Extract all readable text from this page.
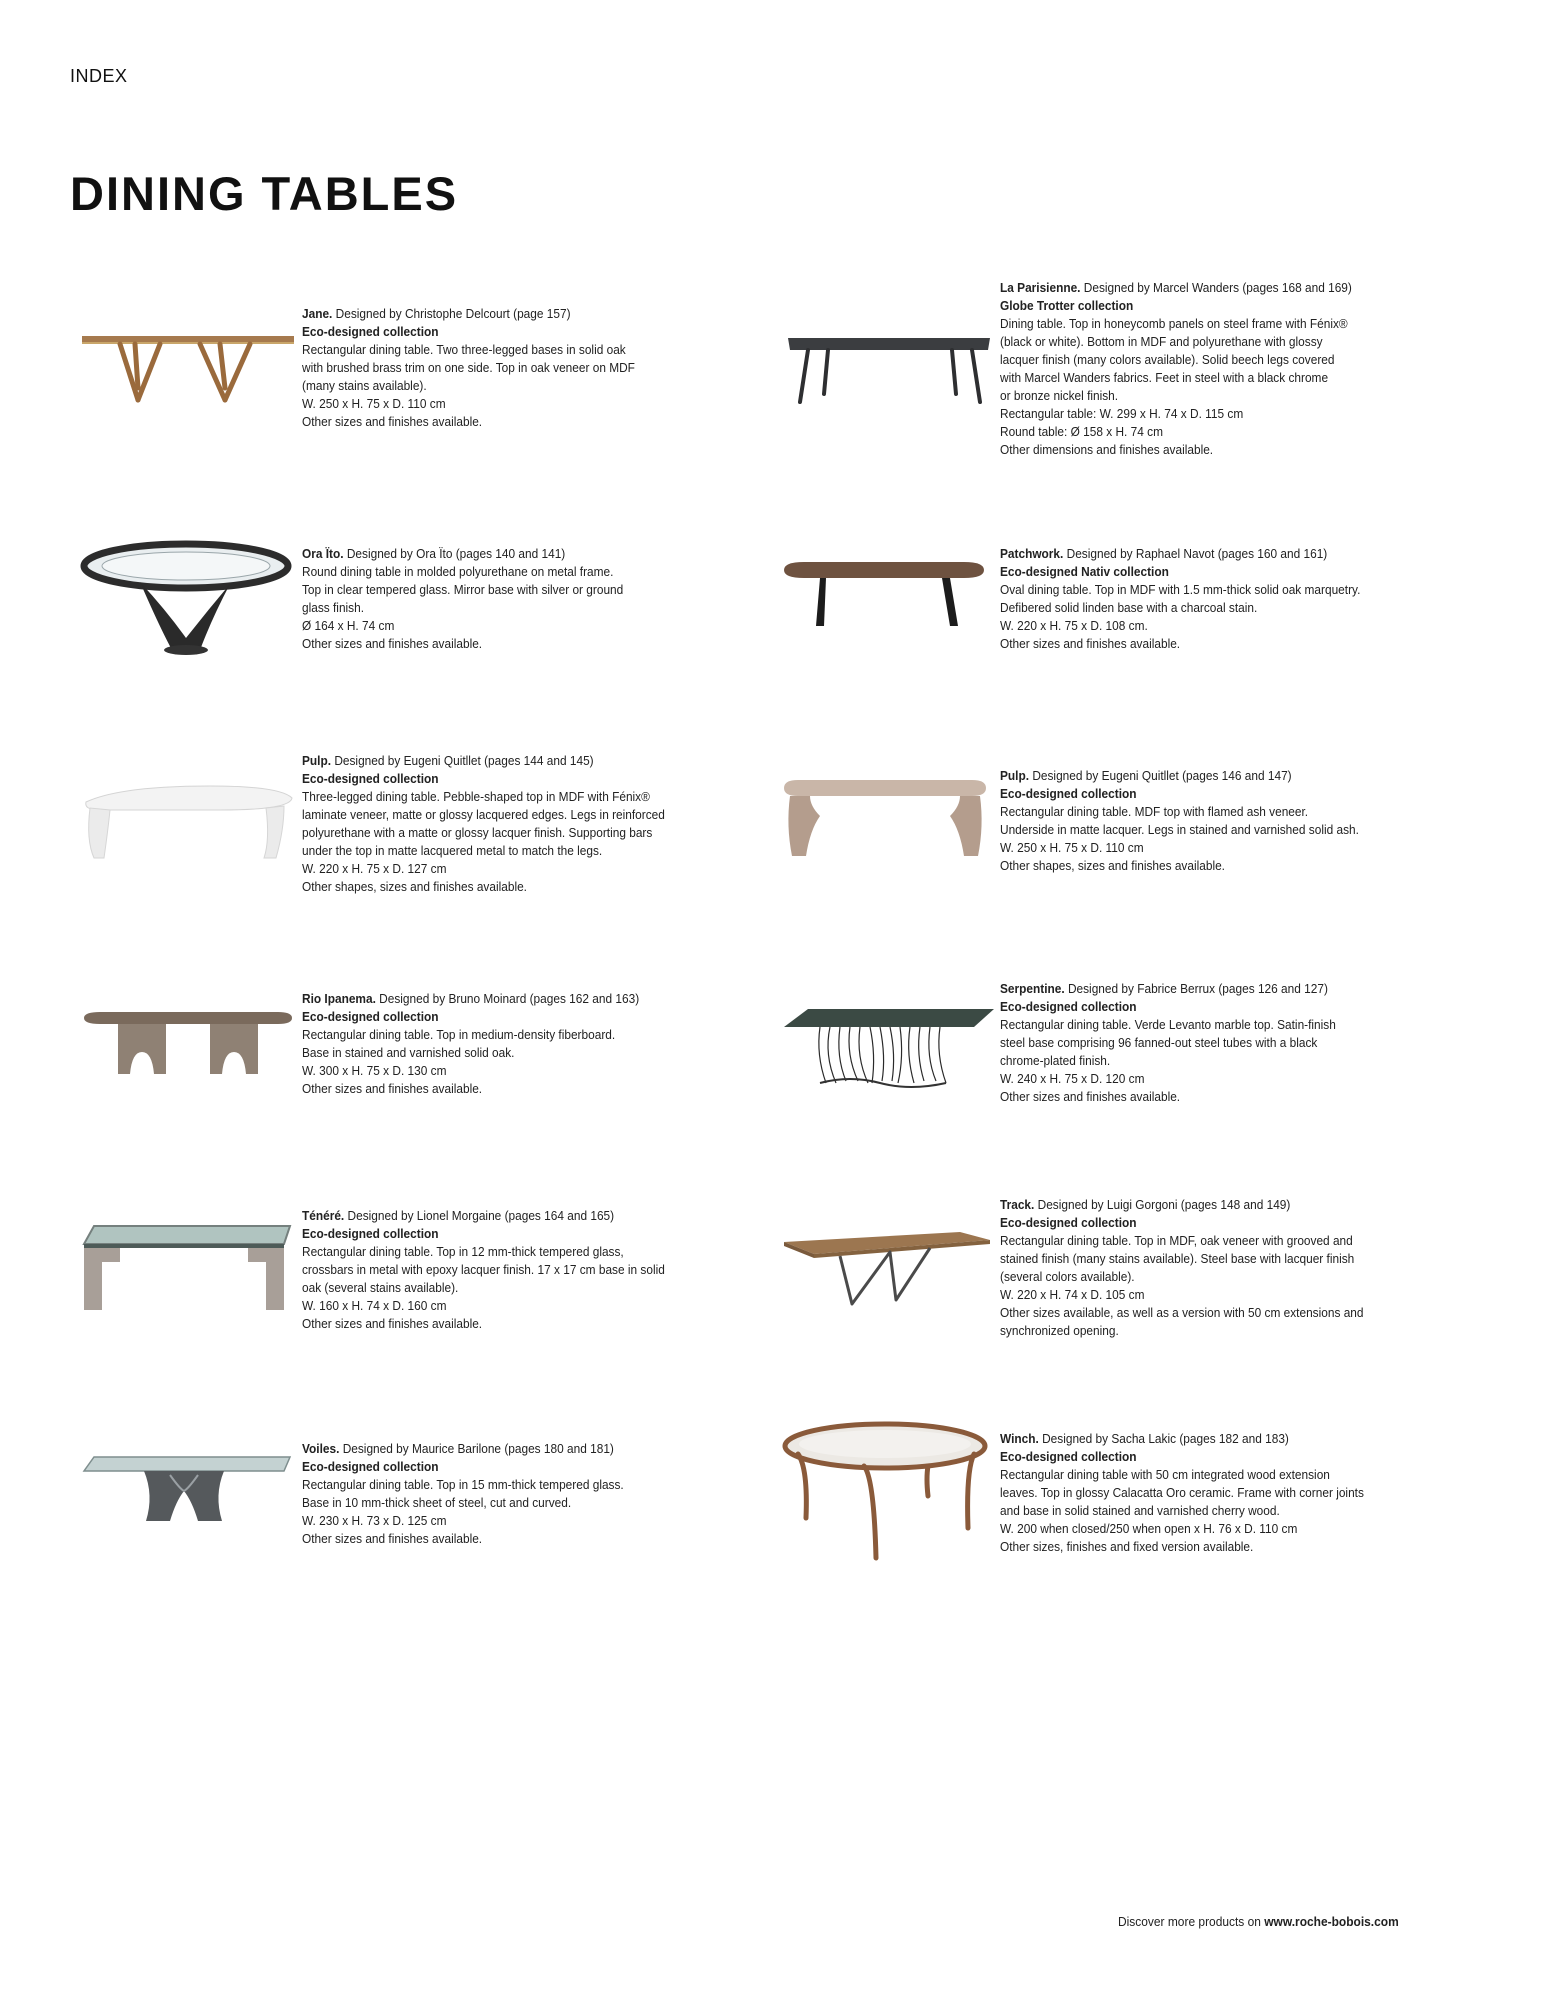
INDEX
DINING TABLES
Jane. Designed by Christophe Delcourt (page 157)
Eco-designed collection
Rectangular dining table. Two three-legged bases in solid oak
with brushed brass trim on one side. Top in oak veneer on MDF
(many stains available).
W. 250 x H. 75 x D. 110 cm
Other sizes and finishes available.
Ora Ïto. Designed by Ora Ïto (pages 140 and 141)
Round dining table in molded polyurethane on metal frame.
Top in clear tempered glass. Mirror base with silver or ground
glass finish.
Ø 164 x H. 74 cm
Other sizes and finishes available.
Pulp. Designed by Eugeni Quitllet (pages 144 and 145)
Eco-designed collection
Three-legged dining table. Pebble-shaped top in MDF with Fénix®
laminate veneer, matte or glossy lacquered edges. Legs in reinforced
polyurethane with a matte or glossy lacquer finish. Supporting bars
under the top in matte lacquered metal to match the legs.
W. 220 x H. 75 x D. 127 cm
Other shapes, sizes and finishes available.
Rio Ipanema. Designed by Bruno Moinard (pages 162 and 163)
Eco-designed collection
Rectangular dining table. Top in medium-density fiberboard.
Base in stained and varnished solid oak.
W. 300 x H. 75 x D. 130 cm
Other sizes and finishes available.
Ténéré. Designed by Lionel Morgaine (pages 164 and 165)
Eco-designed collection
Rectangular dining table. Top in 12 mm-thick tempered glass,
crossbars in metal with epoxy lacquer finish. 17 x 17 cm base in solid
oak (several stains available).
W. 160 x H. 74 x D. 160 cm
Other sizes and finishes available.
Voiles. Designed by Maurice Barilone (pages 180 and 181)
Eco-designed collection
Rectangular dining table. Top in 15 mm-thick tempered glass.
Base in 10 mm-thick sheet of steel, cut and curved.
W. 230 x H. 73 x D. 125 cm
Other sizes and finishes available.
La Parisienne. Designed by Marcel Wanders (pages 168 and 169)
Globe Trotter collection
Dining table. Top in honeycomb panels on steel frame with Fénix®
(black or white). Bottom in MDF and polyurethane with glossy
lacquer finish (many colors available). Solid beech legs covered
with Marcel Wanders fabrics. Feet in steel with a black chrome
or bronze nickel finish.
Rectangular table: W. 299 x H. 74 x D. 115 cm
Round table: Ø 158 x H. 74 cm
Other dimensions and finishes available.
Patchwork. Designed by Raphael Navot (pages 160 and 161)
Eco-designed Nativ collection
Oval dining table. Top in MDF with 1.5 mm-thick solid oak marquetry.
Defibered solid linden base with a charcoal stain.
W. 220 x H. 75 x D. 108 cm.
Other sizes and finishes available.
Pulp. Designed by Eugeni Quitllet (pages 146 and 147)
Eco-designed collection
Rectangular dining table. MDF top with flamed ash veneer.
Underside in matte lacquer. Legs in stained and varnished solid ash.
W. 250 x H. 75 x D. 110 cm
Other shapes, sizes and finishes available.
Serpentine. Designed by Fabrice Berrux (pages 126 and 127)
Eco-designed collection
Rectangular dining table. Verde Levanto marble top. Satin-finish
steel base comprising 96 fanned-out steel tubes with a black
chrome-plated finish.
W. 240 x H. 75 x D. 120 cm
Other sizes and finishes available.
Track. Designed by Luigi Gorgoni (pages 148 and 149)
Eco-designed collection
Rectangular dining table. Top in MDF, oak veneer with grooved and
stained finish (many stains available). Steel base with lacquer finish
(several colors available).
W. 220 x H. 74 x D. 105 cm
Other sizes available, as well as a version with 50 cm extensions and
synchronized opening.
Winch. Designed by Sacha Lakic (pages 182 and 183)
Eco-designed collection
Rectangular dining table with 50 cm integrated wood extension
leaves. Top in glossy Calacatta Oro ceramic. Frame with corner joints
and base in solid stained and varnished cherry wood.
W. 200 when closed/250 when open x H. 76 x D. 110 cm
Other sizes, finishes and fixed version available.
Discover more products on www.roche-bobois.com
